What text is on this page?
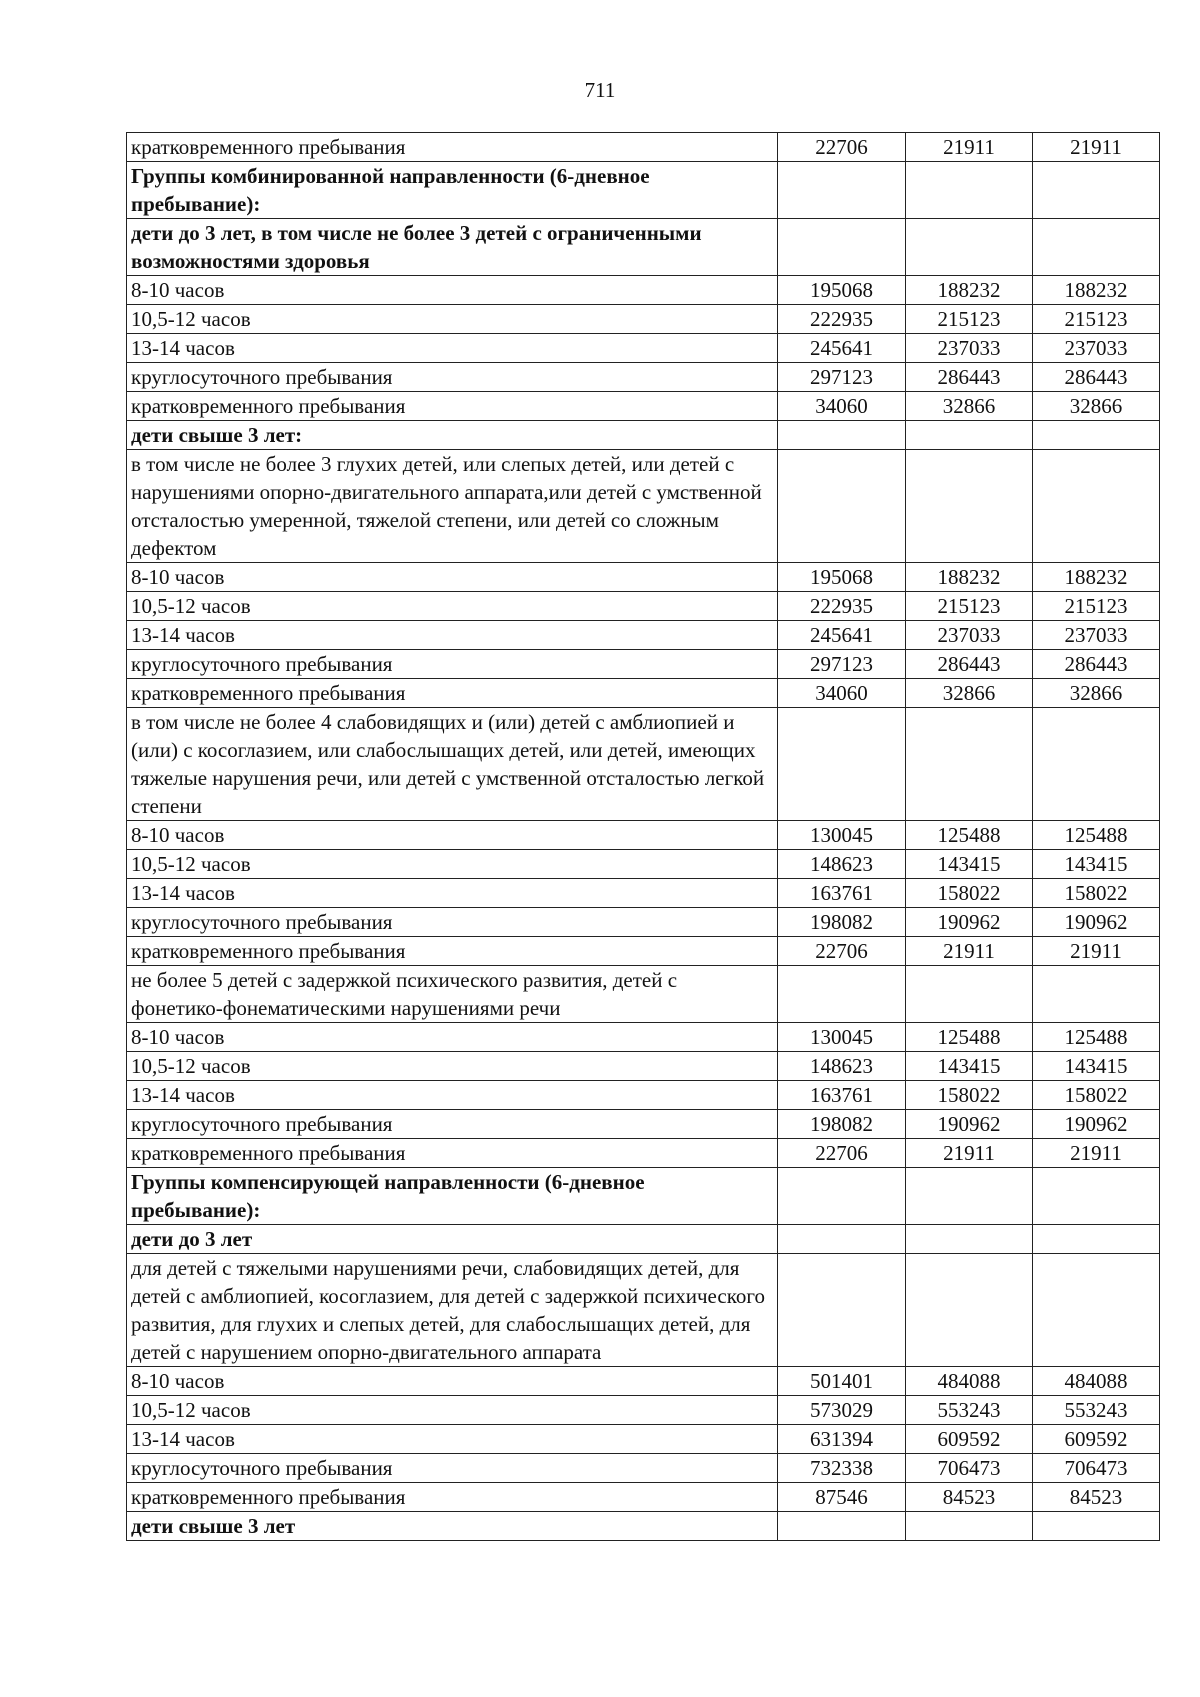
711
кратковременного пребывания	22706	21911	21911
Группы комбинированной направленности (6-дневное пребывание):			
дети до 3 лет, в том числе не более 3 детей с ограниченными возможностями здоровья			
8-10 часов	195068	188232	188232
10,5-12 часов	222935	215123	215123
13-14 часов	245641	237033	237033
круглосуточного пребывания	297123	286443	286443
кратковременного пребывания	34060	32866	32866
дети свыше 3 лет:			
в том числе не более 3 глухих детей, или слепых детей, или детей с нарушениями опорно-двигательного аппарата,или детей с умственной отсталостью умеренной, тяжелой степени, или детей со сложным дефектом			
8-10 часов	195068	188232	188232
10,5-12 часов	222935	215123	215123
13-14 часов	245641	237033	237033
круглосуточного пребывания	297123	286443	286443
кратковременного пребывания	34060	32866	32866
в том числе не более 4 слабовидящих и (или) детей с амблиопией и (или) с косоглазием, или слабослышащих детей, или детей, имеющих тяжелые нарушения речи, или детей с умственной отсталостью легкой степени			
8-10 часов	130045	125488	125488
10,5-12 часов	148623	143415	143415
13-14 часов	163761	158022	158022
круглосуточного пребывания	198082	190962	190962
кратковременного пребывания	22706	21911	21911
не более 5 детей с задержкой психического развития, детей с фонетико-фонематическими нарушениями речи			
8-10 часов	130045	125488	125488
10,5-12 часов	148623	143415	143415
13-14 часов	163761	158022	158022
круглосуточного пребывания	198082	190962	190962
кратковременного пребывания	22706	21911	21911
Группы компенсирующей направленности (6-дневное пребывание):			
дети до 3 лет			
для детей с тяжелыми нарушениями речи, слабовидящих детей, для детей с амблиопией, косоглазием, для детей с задержкой психического развития, для глухих и слепых детей, для слабослышащих детей, для детей с нарушением опорно-двигательного аппарата			
8-10 часов	501401	484088	484088
10,5-12 часов	573029	553243	553243
13-14 часов	631394	609592	609592
круглосуточного пребывания	732338	706473	706473
кратковременного пребывания	87546	84523	84523
дети свыше 3 лет			
